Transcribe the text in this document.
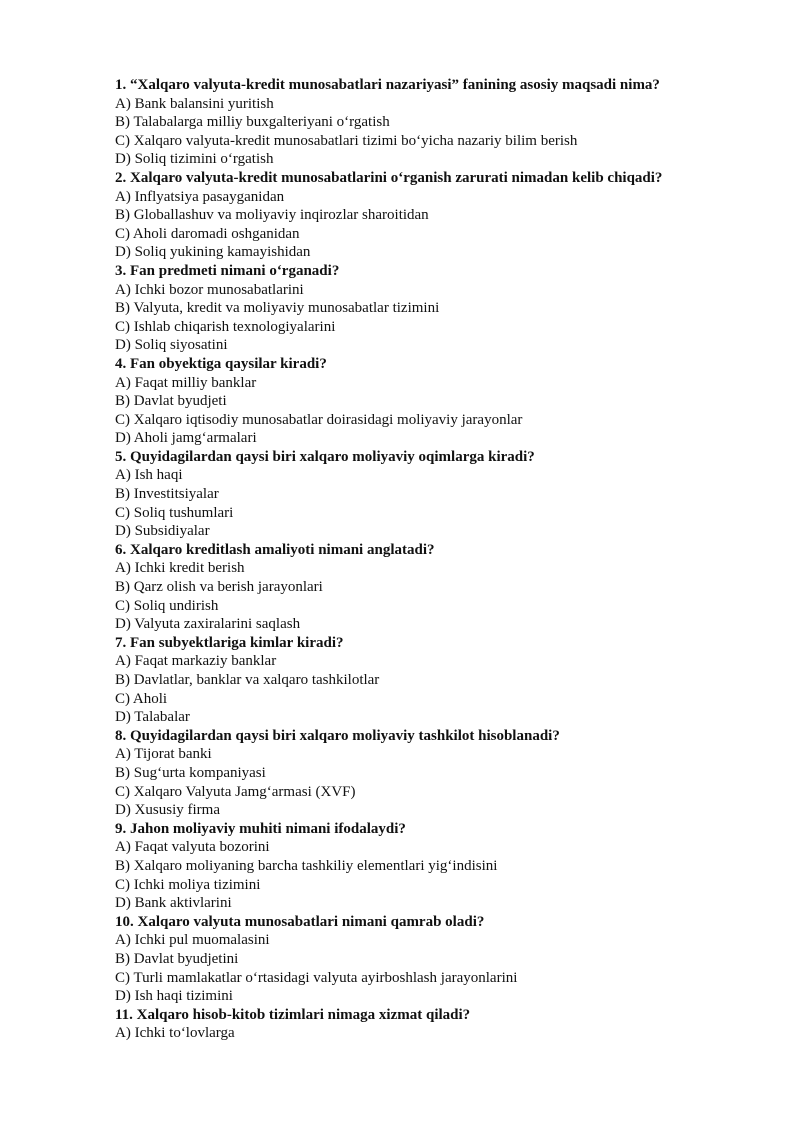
1. “Xalqaro valyuta-kredit munosabatlari nazariyasi” fanining asosiy maqsadi nima?
A) Bank balansini yuritish
B) Talabalarga milliy buxgalteriyani o‘rgatish
C) Xalqaro valyuta-kredit munosabatlari tizimi bo‘yicha nazariy bilim berish
D) Soliq tizimini o‘rgatish
2. Xalqaro valyuta-kredit munosabatlarini o‘rganish zarurati nimadan kelib chiqadi?
A) Inflyatsiya pasayganidan
B) Globallashuv va moliyaviy inqirozlar sharoitidan
C) Aholi daromadi oshganidan
D) Soliq yukining kamayishidan
3. Fan predmeti nimani o‘rganadi?
A) Ichki bozor munosabatlarini
B) Valyuta, kredit va moliyaviy munosabatlar tizimini
C) Ishlab chiqarish texnologiyalarini
D) Soliq siyosatini
4. Fan obyektiga qaysilar kiradi?
A) Faqat milliy banklar
B) Davlat byudjeti
C) Xalqaro iqtisodiy munosabatlar doirasidagi moliyaviy jarayonlar
D) Aholi jamg‘armalari
5. Quyidagilardan qaysi biri xalqaro moliyaviy oqimlarga kiradi?
A) Ish haqi
B) Investitsiyalar
C) Soliq tushumlari
D) Subsidiyalar
6. Xalqaro kreditlash amaliyoti nimani anglatadi?
A) Ichki kredit berish
B) Qarz olish va berish jarayonlari
C) Soliq undirish
D) Valyuta zaxiralarini saqlash
7. Fan subyektlariga kimlar kiradi?
A) Faqat markaziy banklar
B) Davlatlar, banklar va xalqaro tashkilotlar
C) Aholi
D) Talabalar
8. Quyidagilardan qaysi biri xalqaro moliyaviy tashkilot hisoblanadi?
A) Tijorat banki
B) Sug‘urta kompaniyasi
C) Xalqaro Valyuta Jamg‘armasi (XVF)
D) Xususiy firma
9. Jahon moliyaviy muhiti nimani ifodalaydi?
A) Faqat valyuta bozorini
B) Xalqaro moliyaning barcha tashkiliy elementlari yig‘indisini
C) Ichki moliya tizimini
D) Bank aktivlarini
10. Xalqaro valyuta munosabatlari nimani qamrab oladi?
A) Ichki pul muomalasini
B) Davlat byudjetini
C) Turli mamlakatlar o‘rtasidagi valyuta ayirboshlash jarayonlarini
D) Ish haqi tizimini
11. Xalqaro hisob-kitob tizimlari nimaga xizmat qiladi?
A) Ichki to‘lovlarga
